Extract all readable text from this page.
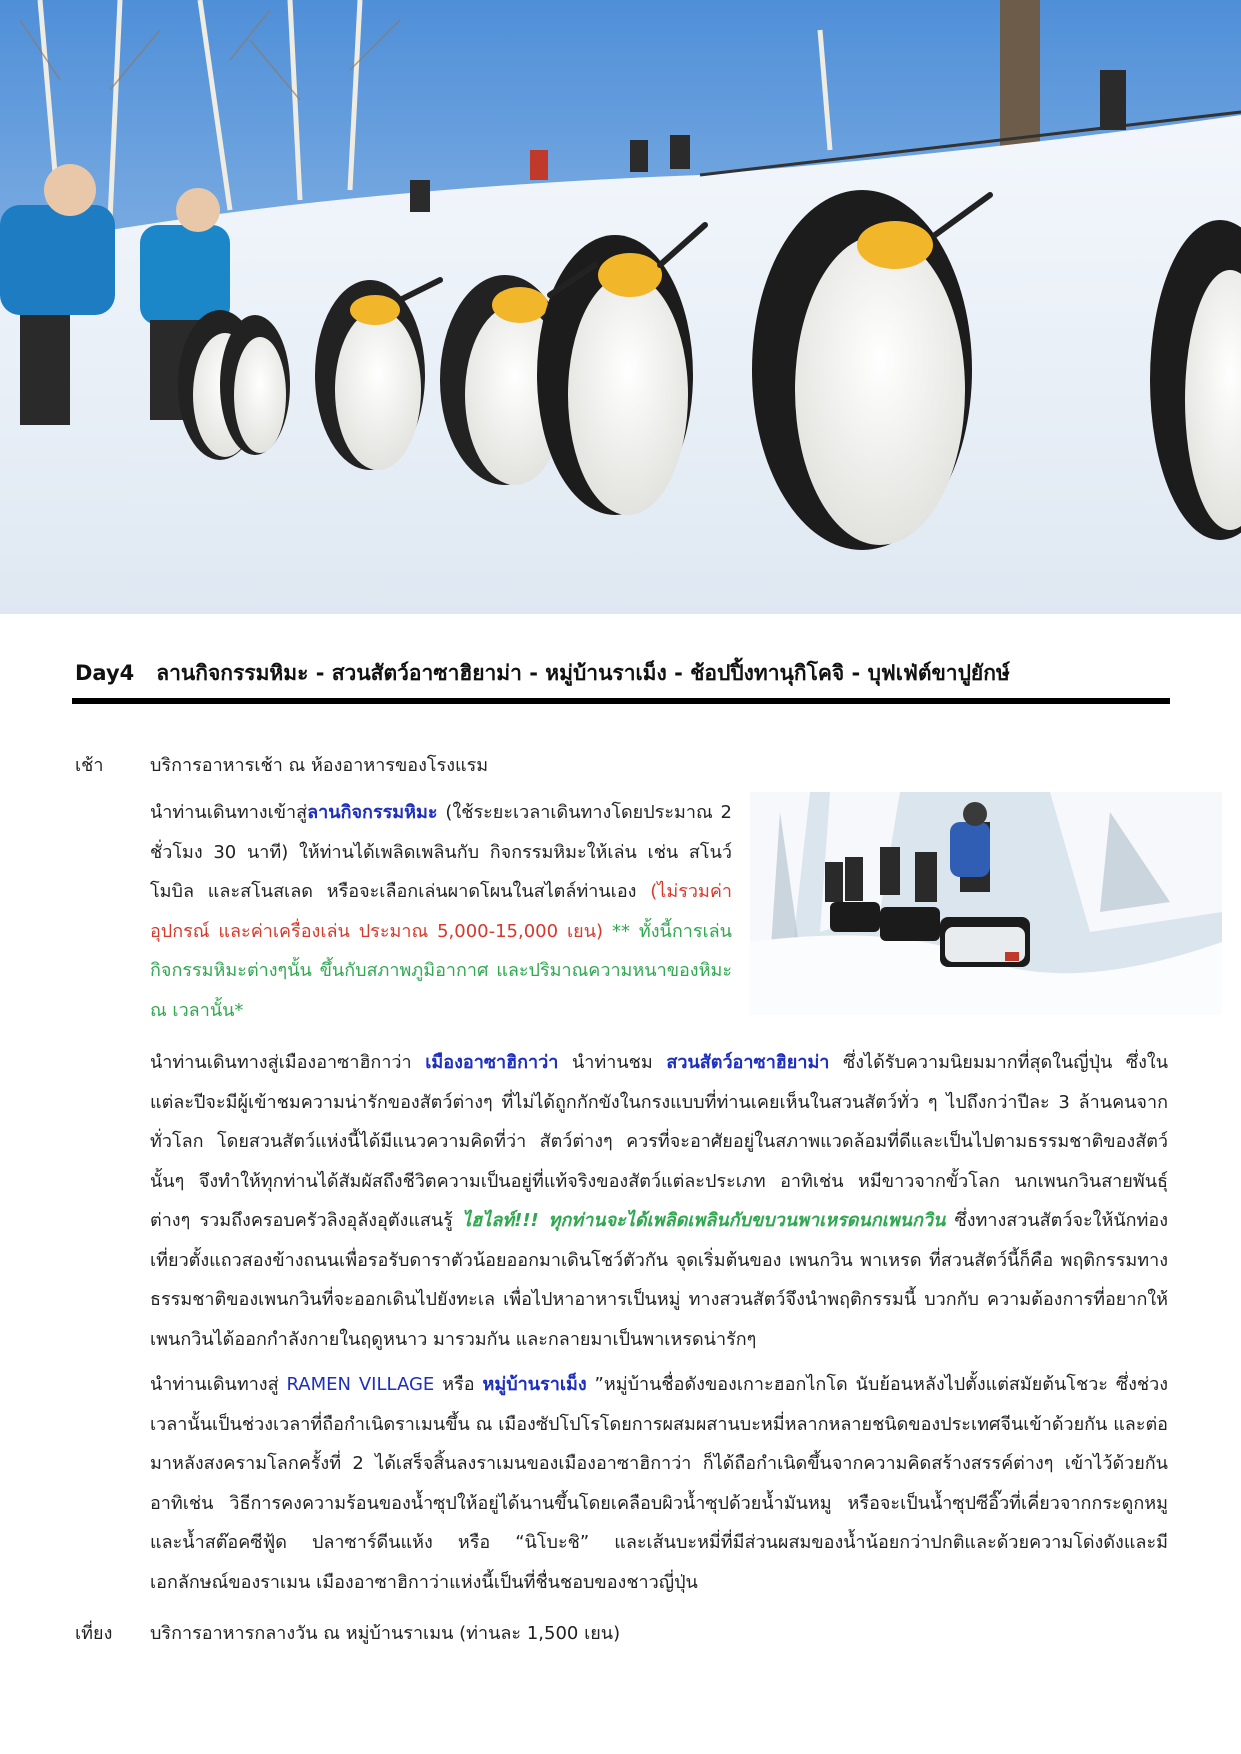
Day4 ลานกิจกรรมหิมะ - สวนสัตว์อาซาฮิยาม่า - หมู่บ้านราเม็ง - ช้อปปิ้งทานุกิโคจิ - บุฟเฟ่ต์ขาปูยักษ์
เช้า	บริการอาหารเช้า ณ ห้องอาหารของโรงแรม
นำท่านเดินทางเข้าสู่ลานกิจกรรมหิมะ (ใช้ระยะเวลาเดินทางโดยประมาณ 2 ชั่วโมง 30 นาที) ให้ท่านได้เพลิดเพลินกับ กิจกรรมหิมะให้เล่น เช่น สโนว์โมบิล และสโนสเลด หรือจะเลือกเล่นผาดโผนในสไตล์ท่านเอง (ไม่รวมค่าอุปกรณ์ และค่าเครื่องเล่น ประมาณ 5,000-15,000 เยน) ** ทั้งนี้การเล่นกิจกรรมหิมะต่างๆนั้น ขึ้นกับสภาพภูมิอากาศ และปริมาณความหนาของหิมะ ณ เวลานั้น*
นำท่านเดินทางสู่เมืองอาซาฮิกาว่า เมืองอาซาฮิกาว่า นำท่านชม สวนสัตว์อาซาฮิยาม่า ซึ่งได้รับความนิยมมากที่สุดในญี่ปุ่น ซึ่งในแต่ละปีจะมีผู้เข้าชมความน่ารักของสัตว์ต่างๆ ที่ไม่ได้ถูกกักขังในกรงแบบที่ท่านเคยเห็นในสวนสัตว์ทั่ว ๆ ไปถึงกว่าปีละ 3 ล้านคนจากทั่วโลก โดยสวนสัตว์แห่งนี้ได้มีแนวความคิดที่ว่า สัตว์ต่างๆ ควรที่จะอาศัยอยู่ในสภาพแวดล้อมที่ดีและเป็นไปตามธรรมชาติของสัตว์นั้นๆ จึงทำให้ทุกท่านได้สัมผัสถึงชีวิตความเป็นอยู่ที่แท้จริงของสัตว์แต่ละประเภท อาทิเช่น หมีขาวจากขั้วโลก นกเพนกวินสายพันธุ์ต่างๆ รวมถึงครอบครัวลิงอุลังอุตังแสนรู้ ไฮไลท์!!! ทุกท่านจะได้เพลิดเพลินกับขบวนพาเหรดนกเพนกวิน ซึ่งทางสวนสัตว์จะให้นักท่องเที่ยวตั้งแถวสองข้างถนนเพื่อรอรับดาราตัวน้อยออกมาเดินโชว์ตัวกัน จุดเริ่มต้นของ เพนกวิน พาเหรด ที่สวนสัตว์นี้ก็คือ พฤติกรรมทางธรรมชาติของเพนกวินที่จะออกเดินไปยังทะเล เพื่อไปหาอาหารเป็นหมู่ ทางสวนสัตว์จึงนำพฤติกรรมนี้ บวกกับ ความต้องการที่อยากให้เพนกวินได้ออกกำลังกายในฤดูหนาว มารวมกัน และกลายมาเป็นพาเหรดน่ารักๆ
นำท่านเดินทางสู่ RAMEN VILLAGE หรือ หมู่บ้านราเม็ง ”หมู่บ้านชื่อดังของเกาะฮอกไกโด นับย้อนหลังไปตั้งแต่สมัยต้นโชวะ ซึ่งช่วงเวลานั้นเป็นช่วงเวลาที่ถือกำเนิดราเมนขึ้น ณ เมืองซัปโปโรโดยการผสมผสานบะหมี่หลากหลายชนิดของประเทศจีนเข้าด้วยกัน และต่อมาหลังสงครามโลกครั้งที่ 2 ได้เสร็จสิ้นลงราเมนของเมืองอาซาฮิกาว่า ก็ได้ถือกำเนิดขึ้นจากความคิดสร้างสรรค์ต่างๆ เข้าไว้ด้วยกัน อาทิเช่น วิธีการคงความร้อนของน้ำซุปให้อยู่ได้นานขึ้นโดยเคลือบผิวน้ำซุปด้วยน้ำมันหมู หรือจะเป็นน้ำซุปซีอิ๊วที่เคี่ยวจากกระดูกหมูและน้ำสต๊อคซีฟู้ด ปลาซาร์ดีนแห้ง หรือ “นิโบะชิ” และเส้นบะหมี่ที่มีส่วนผสมของน้ำน้อยกว่าปกติและด้วยความโด่งดังและมีเอกลักษณ์ของราเมน เมืองอาซาฮิกาว่าแห่งนี้เป็นที่ชื่นชอบของชาวญี่ปุ่น
เที่ยง บริการอาหารกลางวัน ณ หมู่บ้านราเมน (ท่านละ 1,500 เยน)
